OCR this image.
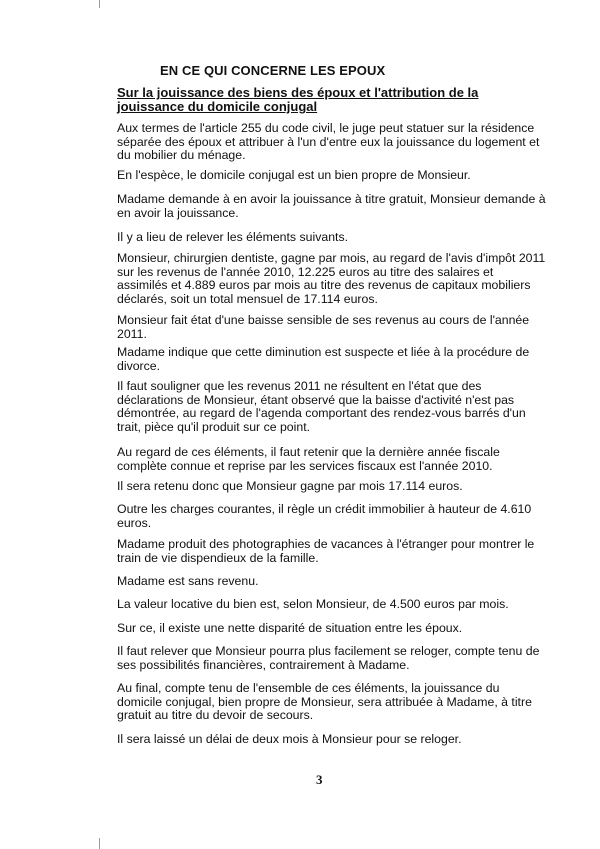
EN CE QUI CONCERNE LES EPOUX
Sur la jouissance des biens des époux et l'attribution de la jouissance du domicile conjugal

Aux termes de l'article 255 du code civil, le juge peut statuer sur la résidence séparée des époux et attribuer à l'un d'entre eux la jouissance du logement et du mobilier du ménage.

En l'espèce, le domicile conjugal est un bien propre de Monsieur.

Madame demande à en avoir la jouissance à titre gratuit, Monsieur demande à en avoir la jouissance.

Il y a lieu de relever les éléments suivants.

Monsieur, chirurgien dentiste, gagne par mois, au regard de l'avis d'impôt 2011 sur les revenus de l'année 2010, 12.225 euros au titre des salaires et assimilés et 4.889 euros par mois au titre des revenus de capitaux mobiliers déclarés, soit un total mensuel de 17.114 euros.

Monsieur fait état d'une baisse sensible de ses revenus au cours de l'année 2011.

Madame indique que cette diminution est suspecte et liée à la procédure de divorce.

Il faut souligner que les revenus 2011 ne résultent en l'état que des déclarations de Monsieur, étant observé que la baisse d'activité n'est pas démontrée, au regard de l'agenda comportant des rendez-vous barrés d'un trait, pièce qu'il produit sur ce point.

Au regard de ces éléments, il faut retenir que la dernière année fiscale complète connue et reprise par les services fiscaux est l'année 2010.

Il sera retenu donc que Monsieur gagne par mois 17.114 euros.

Outre les charges courantes, il règle un crédit immobilier à hauteur de 4.610 euros.

Madame produit des photographies de vacances à l'étranger pour montrer le train de vie dispendieux de la famille.

Madame est sans revenu.

La valeur locative du bien est, selon Monsieur, de 4.500 euros par mois.

Sur ce, il existe une nette disparité de situation entre les époux.

Il faut relever que Monsieur pourra plus facilement se reloger, compte tenu de ses possibilités financières, contrairement à Madame.

Au final, compte tenu de l'ensemble de ces éléments, la jouissance du domicile conjugal, bien propre de Monsieur, sera attribuée à Madame, à titre gratuit au titre du devoir de secours.

Il sera laissé un délai de deux mois à Monsieur pour se reloger.

3
